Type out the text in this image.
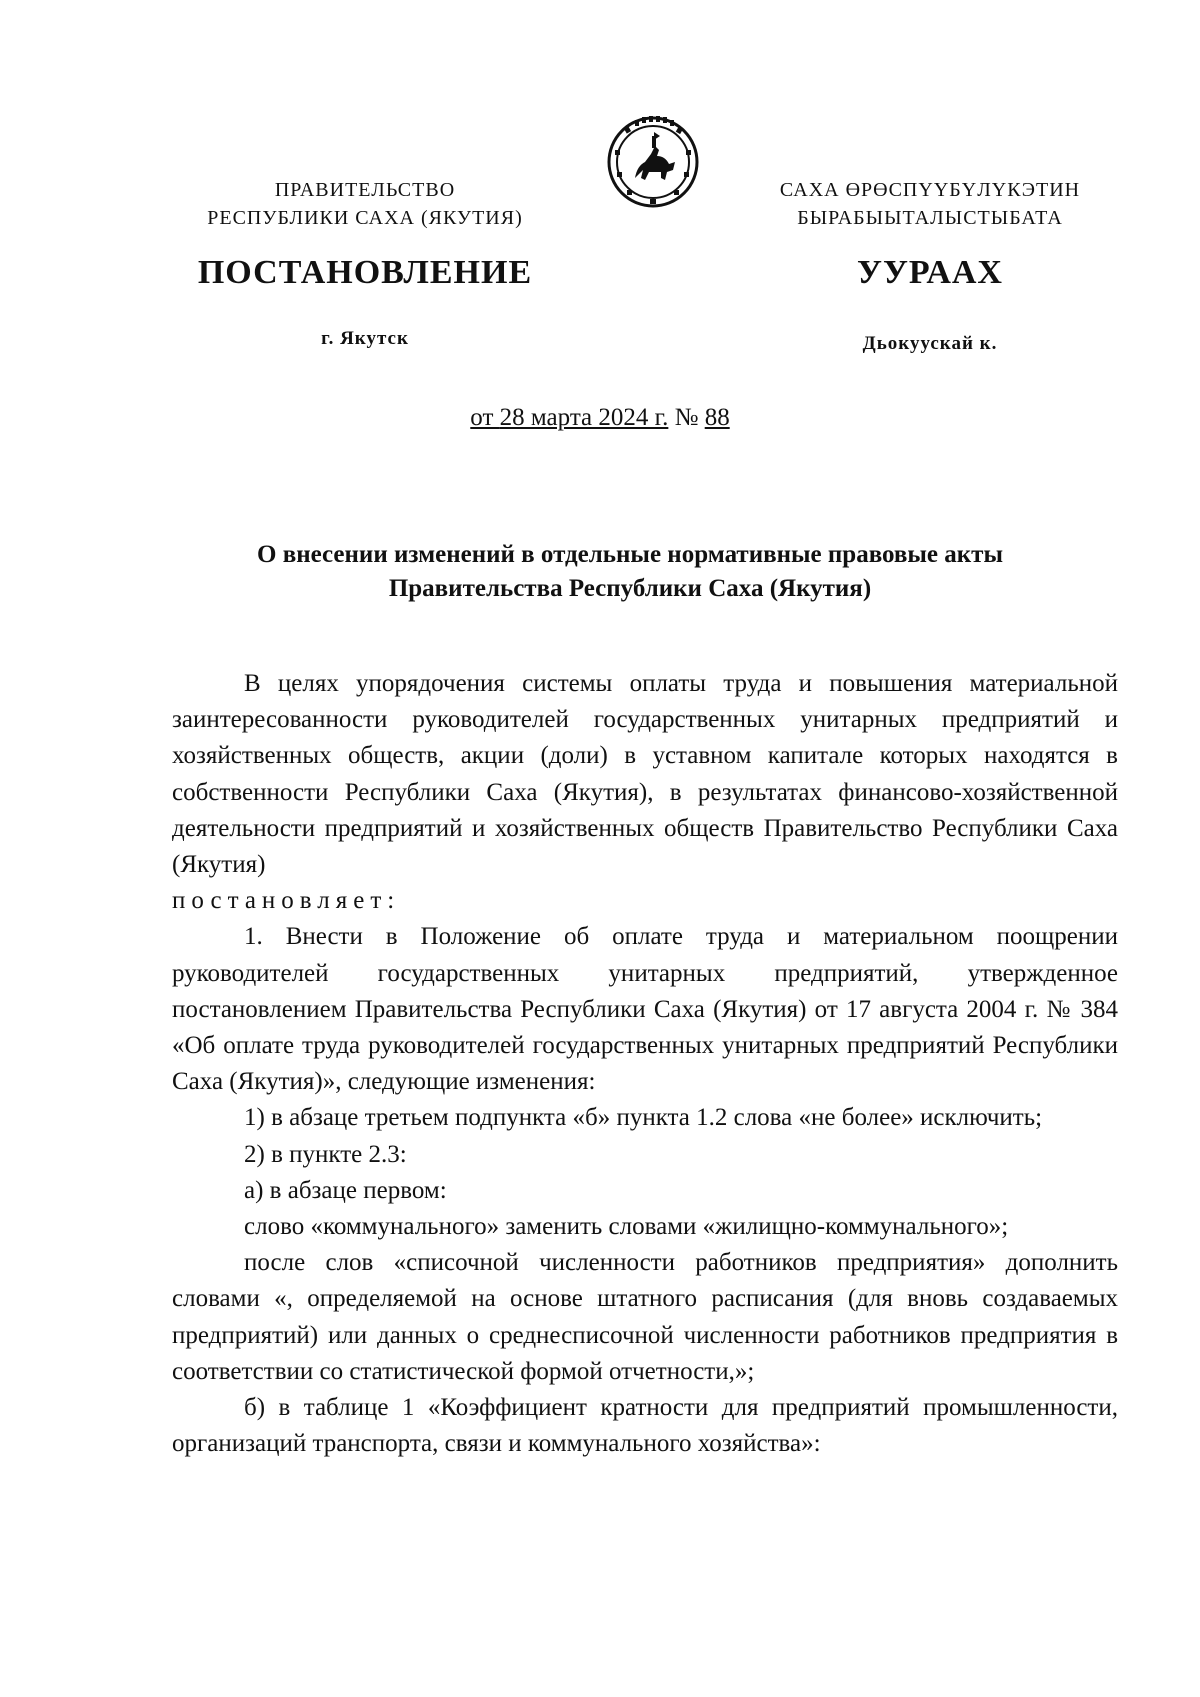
ПРАВИТЕЛЬСТВО
РЕСПУБЛИКИ САХА (ЯКУТИЯ)
САХА ӨРӨСПҮҮБҮЛҮКЭТИН
БЫРАБЫЫТАЛЫСТЫБАТА
ПОСТАНОВЛЕНИЕ	УУРААХ
г. Якутск	Дьокуускай к.
от 28 марта 2024 г. № 88
О внесении изменений в отдельные нормативные правовые акты
Правительства Республики Саха (Якутия)

В целях упорядочения системы оплаты труда и повышения материальной заинтересованности руководителей государственных унитарных предприятий и хозяйственных обществ, акции (доли) в уставном капитале которых находятся в собственности Республики Саха (Якутия), в результатах финансово-хозяйственной деятельности предприятий и хозяйственных обществ Правительство Республики Саха (Якутия)

постановляет:

1. Внести в Положение об оплате труда и материальном поощрении руководителей государственных унитарных предприятий, утвержденное постановлением Правительства Республики Саха (Якутия) от 17 августа 2004 г. № 384 «Об оплате труда руководителей государственных унитарных предприятий Республики Саха (Якутия)», следующие изменения:

1) в абзаце третьем подпункта «б» пункта 1.2 слова «не более» исключить;

2) в пункте 2.3:

а) в абзаце первом:

слово «коммунального» заменить словами «жилищно-коммунального»;

после слов «списочной численности работников предприятия» дополнить словами «, определяемой на основе штатного расписания (для вновь создаваемых предприятий) или данных о среднесписочной численности работников предприятия в соответствии со статистической формой отчетности,»;

б) в таблице 1 «Коэффициент кратности для предприятий промышленности, организаций транспорта, связи и коммунального хозяйства»:
